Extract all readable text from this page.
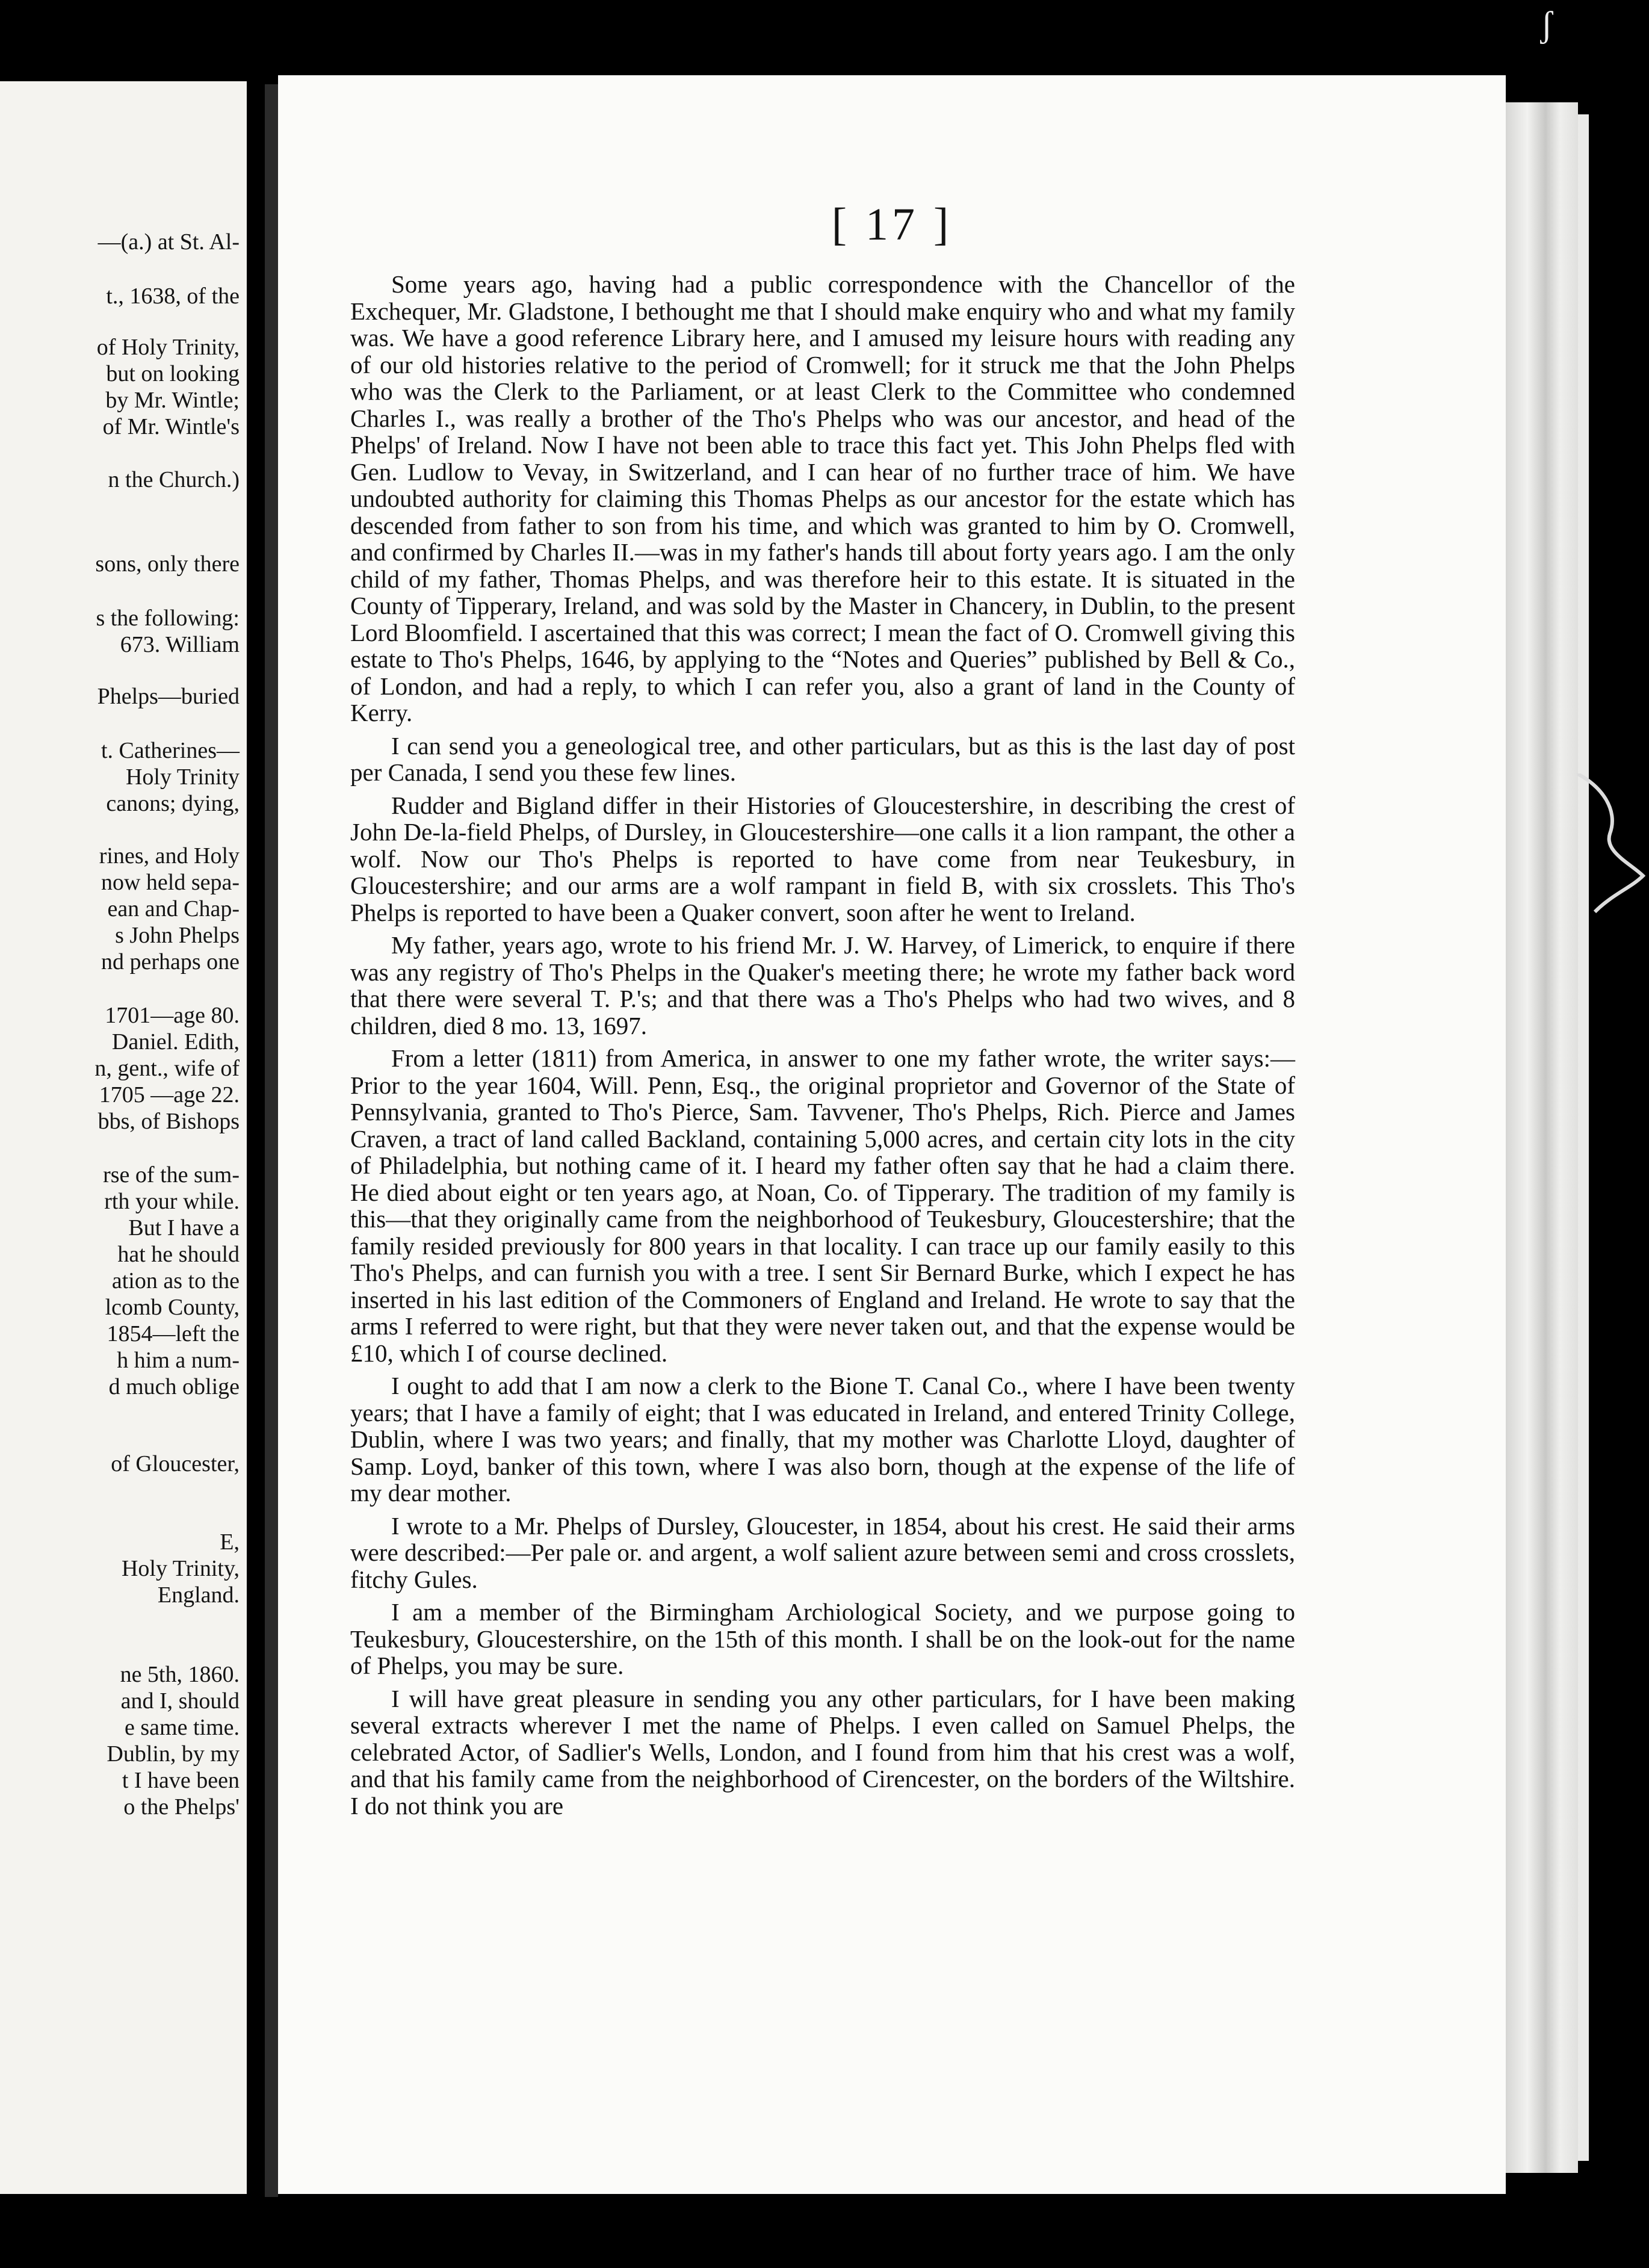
ʃ
—(a.) at St. Al-
t., 1638, of the
of Holy Trinity,
but on looking
by Mr. Wintle;
of Mr. Wintle's
n the Church.)
sons, only there
s the following:
673. William
Phelps—buried
t. Catherines—
Holy Trinity
canons; dying,
rines, and Holy
now held sepa-
ean and Chap-
s John Phelps
nd perhaps one
1701—age 80.
Daniel. Edith,
n, gent., wife of
1705 —age 22.
bbs, of Bishops
rse of the sum-
rth your while.
But I have a
hat he should
ation as to the
lcomb County,
1854—left the
h him a num-
d much oblige
of Gloucester,
E,
Holy Trinity,
England.
ne 5th, 1860.
and I, should
e same time.
Dublin, by my
t I have been
o the Phelps'
[ 17 ]

Some years ago, having had a public correspondence with the Chancellor of the Exchequer, Mr. Gladstone, I bethought me that I should make enquiry who and what my family was. We have a good reference Library here, and I amused my leisure hours with reading any of our old histories relative to the period of Cromwell; for it struck me that the John Phelps who was the Clerk to the Parliament, or at least Clerk to the Committee who condemned Charles I., was really a brother of the Tho's Phelps who was our ancestor, and head of the Phelps' of Ireland. Now I have not been able to trace this fact yet. This John Phelps fled with Gen. Ludlow to Vevay, in Switzerland, and I can hear of no further trace of him. We have undoubted authority for claiming this Thomas Phelps as our ancestor for the estate which has descended from father to son from his time, and which was granted to him by O. Cromwell, and confirmed by Charles II.—was in my father's hands till about forty years ago. I am the only child of my father, Thomas Phelps, and was therefore heir to this estate. It is situated in the County of Tipperary, Ireland, and was sold by the Master in Chancery, in Dublin, to the present Lord Bloomfield. I ascertained that this was correct; I mean the fact of O. Cromwell giving this estate to Tho's Phelps, 1646, by applying to the “Notes and Queries” published by Bell & Co., of London, and had a reply, to which I can refer you, also a grant of land in the County of Kerry.

I can send you a geneological tree, and other particulars, but as this is the last day of post per Canada, I send you these few lines.

Rudder and Bigland differ in their Histories of Gloucestershire, in describing the crest of John De-la-field Phelps, of Dursley, in Gloucestershire—one calls it a lion rampant, the other a wolf. Now our Tho's Phelps is reported to have come from near Teukesbury, in Gloucestershire; and our arms are a wolf rampant in field B, with six crosslets. This Tho's Phelps is reported to have been a Quaker convert, soon after he went to Ireland.

My father, years ago, wrote to his friend Mr. J. W. Harvey, of Limerick, to enquire if there was any registry of Tho's Phelps in the Quaker's meeting there; he wrote my father back word that there were several T. P.'s; and that there was a Tho's Phelps who had two wives, and 8 children, died 8 mo. 13, 1697.

From a letter (1811) from America, in answer to one my father wrote, the writer says:—Prior to the year 1604, Will. Penn, Esq., the original proprietor and Governor of the State of Pennsylvania, granted to Tho's Pierce, Sam. Tavvener, Tho's Phelps, Rich. Pierce and James Craven, a tract of land called Backland, containing 5,000 acres, and certain city lots in the city of Philadelphia, but nothing came of it. I heard my father often say that he had a claim there. He died about eight or ten years ago, at Noan, Co. of Tipperary. The tradition of my family is this—that they originally came from the neighborhood of Teukesbury, Gloucestershire; that the family resided previously for 800 years in that locality. I can trace up our family easily to this Tho's Phelps, and can furnish you with a tree. I sent Sir Bernard Burke, which I expect he has inserted in his last edition of the Commoners of England and Ireland. He wrote to say that the arms I referred to were right, but that they were never taken out, and that the expense would be £10, which I of course declined.

I ought to add that I am now a clerk to the Bione T. Canal Co., where I have been twenty years; that I have a family of eight; that I was educated in Ireland, and entered Trinity College, Dublin, where I was two years; and finally, that my mother was Charlotte Lloyd, daughter of Samp. Loyd, banker of this town, where I was also born, though at the expense of the life of my dear mother.

I wrote to a Mr. Phelps of Dursley, Gloucester, in 1854, about his crest. He said their arms were described:—Per pale or. and argent, a wolf salient azure between semi and cross crosslets, fitchy Gules.

I am a member of the Birmingham Archiological Society, and we purpose going to Teukesbury, Gloucestershire, on the 15th of this month. I shall be on the look-out for the name of Phelps, you may be sure.

I will have great pleasure in sending you any other particulars, for I have been making several extracts wherever I met the name of Phelps. I even called on Samuel Phelps, the celebrated Actor, of Sadlier's Wells, London, and I found from him that his crest was a wolf, and that his family came from the neighborhood of Cirencester, on the borders of the Wiltshire. I do not think you are
